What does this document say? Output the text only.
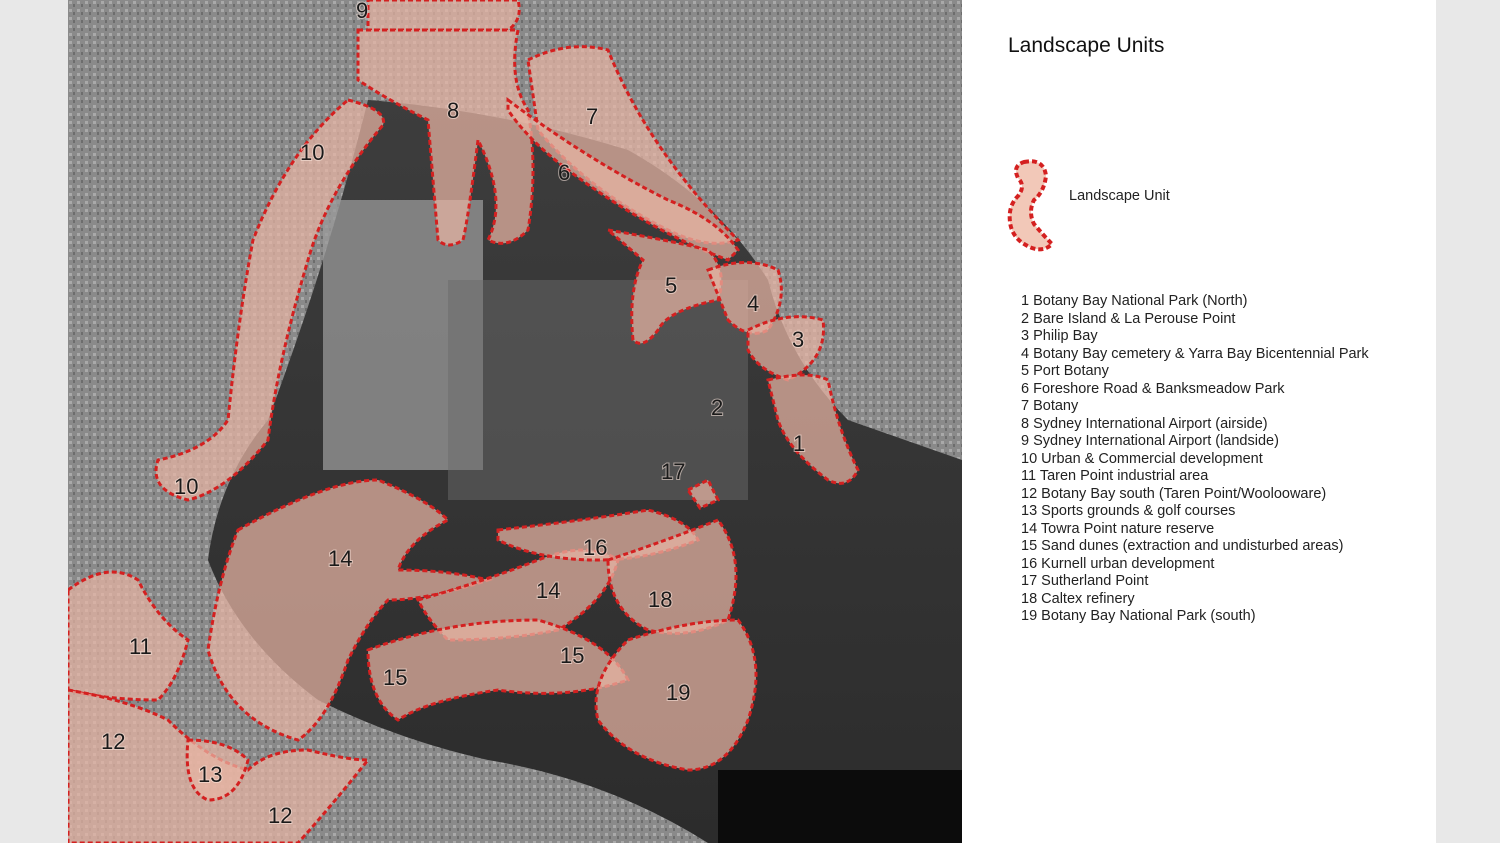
9
8	7
6
5
4
3
2
1
10
10
17
16
14
14	18
11	15
15
19
12
13
12
Landscape Units
Landscape Unit
1 Botany Bay National Park (North)
2 Bare Island & La Perouse Point
3 Philip Bay
4 Botany Bay cemetery & Yarra Bay Bicentennial Park
5 Port Botany
6 Foreshore Road & Banksmeadow Park
7 Botany
8 Sydney International Airport (airside)
9 Sydney International Airport (landside)
10 Urban & Commercial development
11 Taren Point industrial area
12 Botany Bay south (Taren Point/Woolooware)
13 Sports grounds & golf courses
14 Towra Point nature reserve
15 Sand dunes (extraction and undisturbed areas)
16 Kurnell urban development
17 Sutherland Point
18 Caltex refinery
19 Botany Bay National Park (south)
